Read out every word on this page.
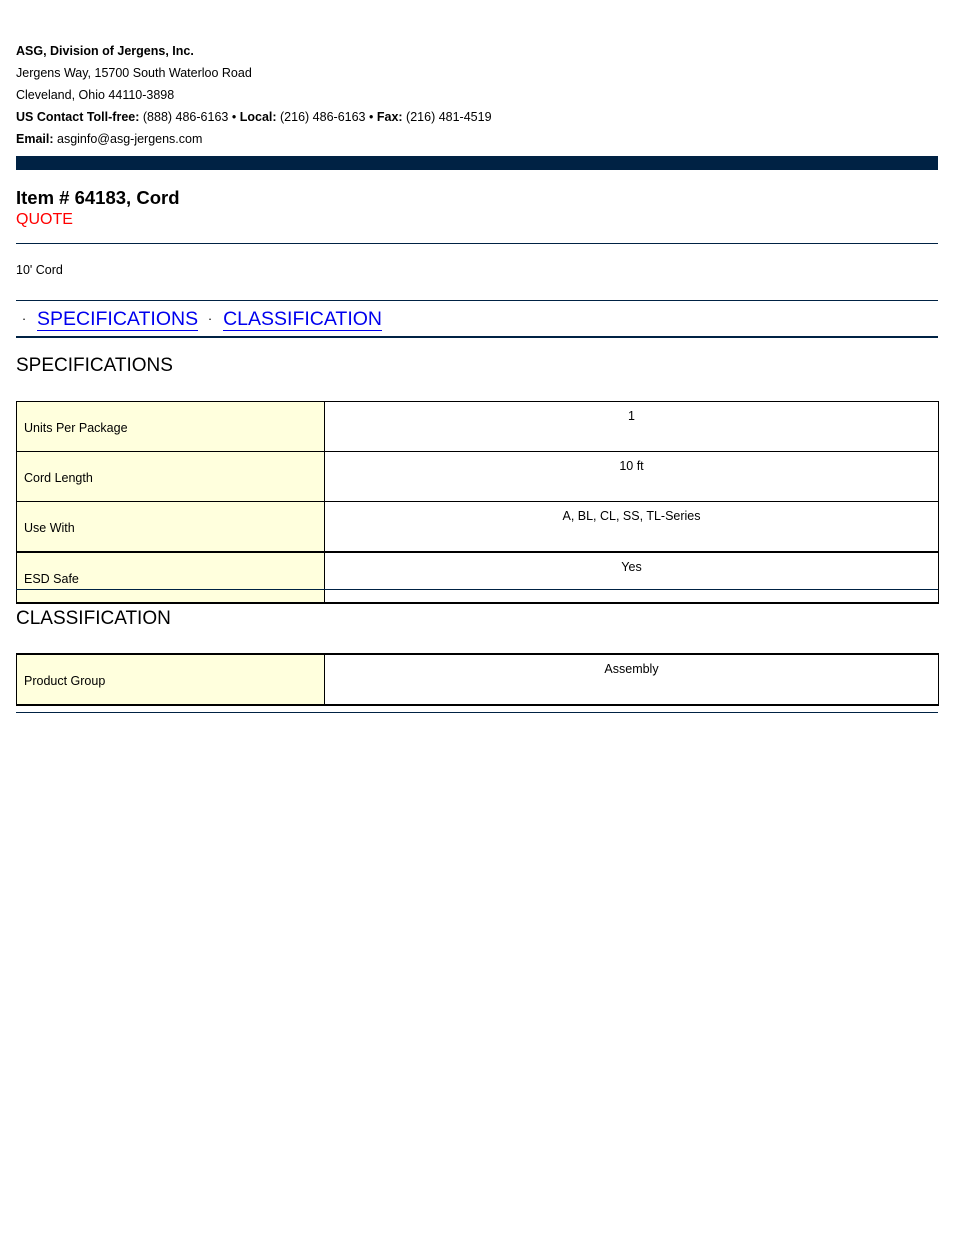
ASG, Division of Jergens, Inc.
Jergens Way, 15700 South Waterloo Road
Cleveland, Ohio 44110-3898
US Contact Toll-free: (888) 486-6163 • Local: (216) 486-6163 • Fax: (216) 481-4519
Email: asginfo@asg-jergens.com
Item # 64183, Cord
QUOTE
10' Cord
· SPECIFICATIONS · CLASSIFICATION
SPECIFICATIONS
Units Per Package	1
Cord Length	10 ft
Use With	A, BL, CL, SS, TL-Series
ESD Safe	Yes
CLASSIFICATION
Product Group	Assembly
